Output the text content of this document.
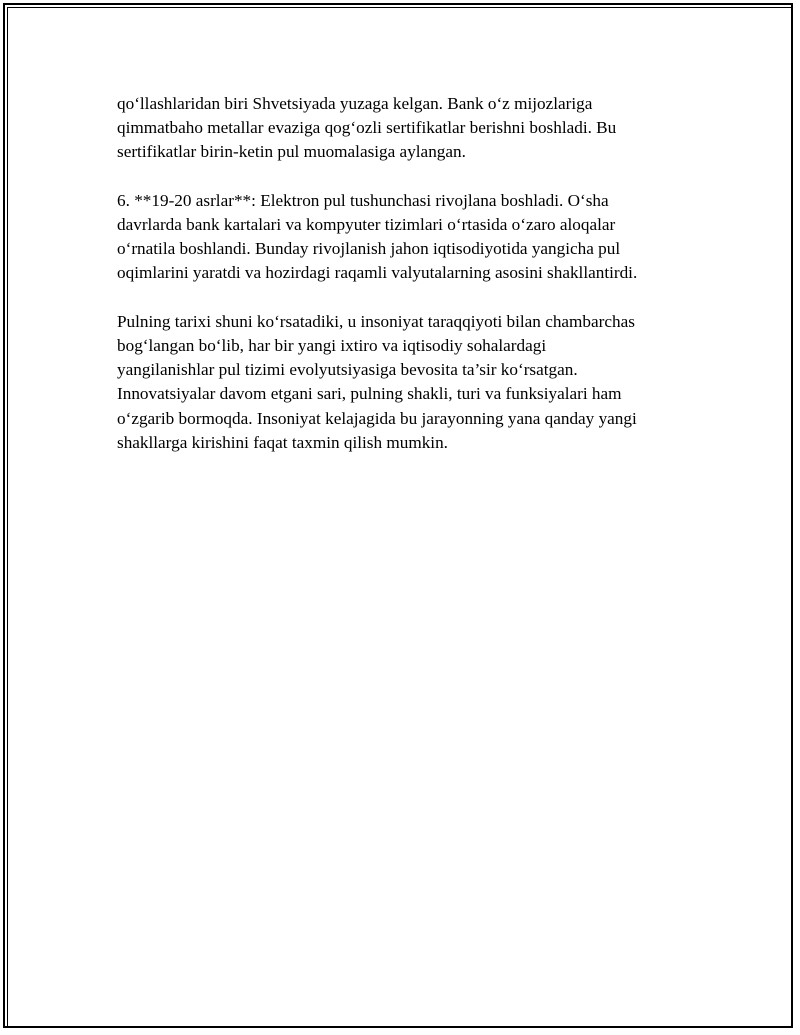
qo‘llashlaridan biri Shvetsiyada yuzaga kelgan. Bank o‘z mijozlariga
qimmatbaho metallar evaziga qog‘ozli sertifikatlar berishni boshladi. Bu
sertifikatlar birin-ketin pul muomalasiga aylangan.

6. **19-20 asrlar**: Elektron pul tushunchasi rivojlana boshladi. O‘sha
davrlarda bank kartalari va kompyuter tizimlari o‘rtasida o‘zaro aloqalar
o‘rnatila boshlandi. Bunday rivojlanish jahon iqtisodiyotida yangicha pul
oqimlarini yaratdi va hozirdagi raqamli valyutalarning asosini shakllantirdi.

Pulning tarixi shuni ko‘rsatadiki, u insoniyat taraqqiyoti bilan chambarchas
bog‘langan bo‘lib, har bir yangi ixtiro va iqtisodiy sohalardagi
yangilanishlar pul tizimi evolyutsiyasiga bevosita ta’sir ko‘rsatgan.
Innovatsiyalar davom etgani sari, pulning shakli, turi va funksiyalari ham
o‘zgarib bormoqda. Insoniyat kelajagida bu jarayonning yana qanday yangi
shakllarga kirishini faqat taxmin qilish mumkin.
